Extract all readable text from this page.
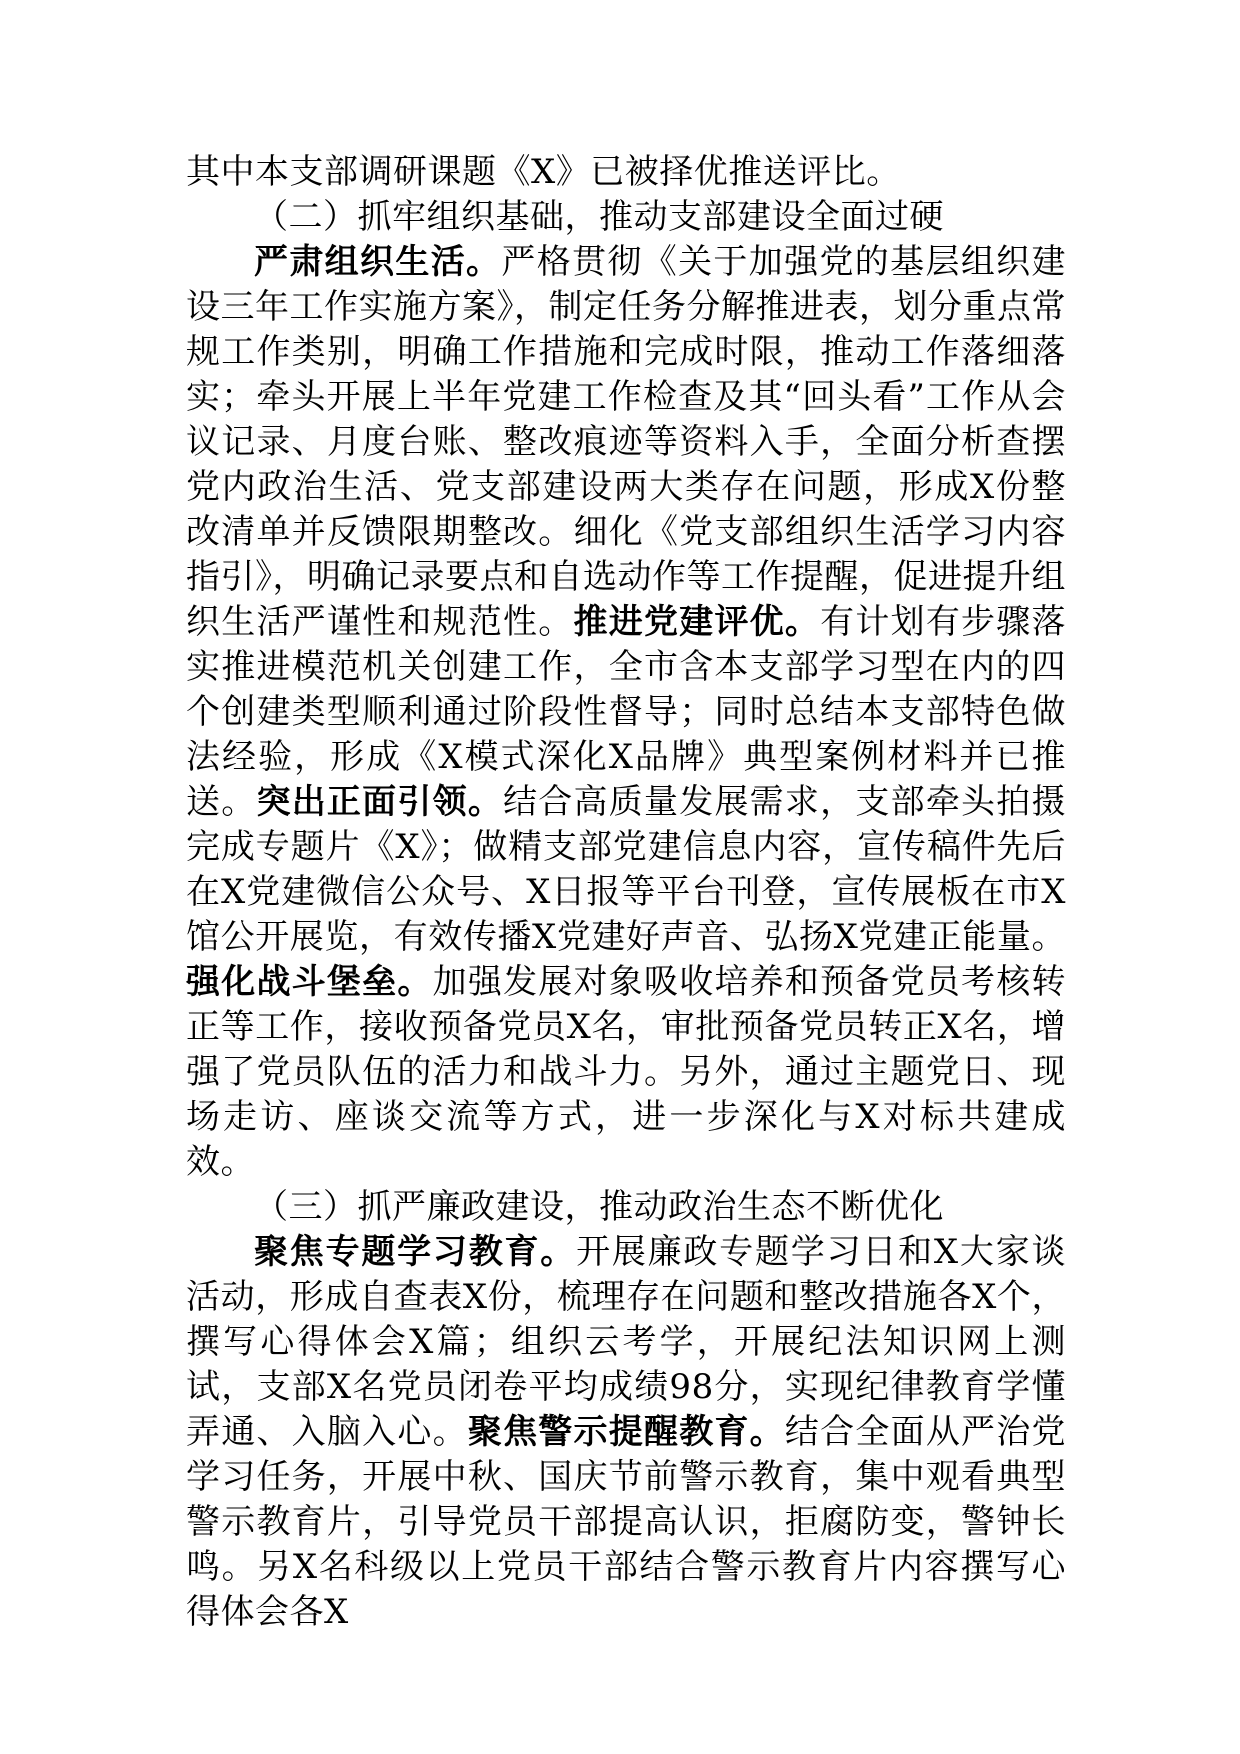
其中本支部调研课题《X》已被择优推送评比。

（二）抓牢组织基础，推动支部建设全面过硬

严肃组织生活。严格贯彻《关于加强党的基层组织建设三年工作实施方案》，制定任务分解推进表，划分重点常规工作类别，明确工作措施和完成时限，推动工作落细落实；牵头开展上半年党建工作检查及其“回头看”工作从会议记录、月度台账、整改痕迹等资料入手，全面分析查摆党内政治生活、党支部建设两大类存在问题，形成X份整改清单并反馈限期整改。细化《党支部组织生活学习内容指引》，明确记录要点和自选动作等工作提醒，促进提升组织生活严谨性和规范性。推进党建评优。有计划有步骤落实推进模范机关创建工作，全市含本支部学习型在内的四个创建类型顺利通过阶段性督导；同时总结本支部特色做法经验，形成《X模式深化X品牌》典型案例材料并已推送。突出正面引领。结合高质量发展需求，支部牵头拍摄完成专题片《X》；做精支部党建信息内容，宣传稿件先后在X党建微信公众号、X日报等平台刊登，宣传展板在市X馆公开展览，有效传播X党建好声音、弘扬X党建正能量。强化战斗堡垒。加强发展对象吸收培养和预备党员考核转正等工作，接收预备党员X名，审批预备党员转正X名，增强了党员队伍的活力和战斗力。另外，通过主题党日、现场走访、座谈交流等方式，进一步深化与X对标共建成效。

（三）抓严廉政建设，推动政治生态不断优化

聚焦专题学习教育。开展廉政专题学习日和X大家谈活动，形成自查表X份，梳理存在问题和整改措施各X个，撰写心得体会X篇；组织云考学，开展纪法知识网上测试，支部X名党员闭卷平均成绩98分，实现纪律教育学懂弄通、入脑入心。聚焦警示提醒教育。结合全面从严治党学习任务，开展中秋、国庆节前警示教育，集中观看典型警示教育片，引导党员干部提高认识，拒腐防变，警钟长鸣。另X名科级以上党员干部结合警示教育片内容撰写心得体会各X
